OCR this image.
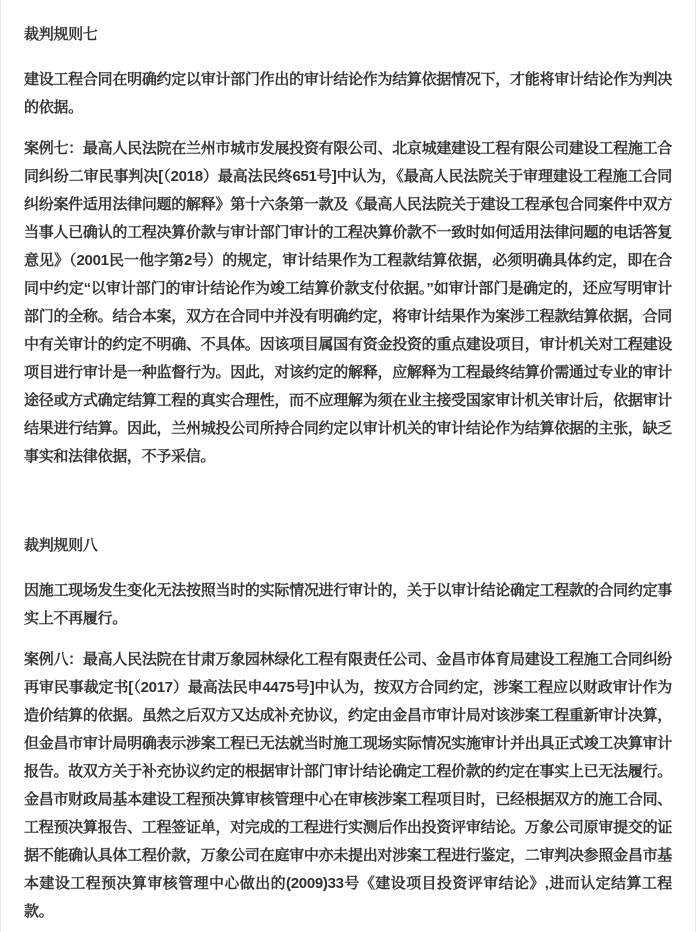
裁判规则七

建设工程合同在明确约定以审计部门作出的审计结论作为结算依据情况下，才能将审计结论作为判决的依据。

案例七：最高人民法院在兰州市城市发展投资有限公司、北京城建建设工程有限公司建设工程施工合同纠纷二审民事判决[（2018）最高法民终651号]中认为，《最高人民法院关于审理建设工程施工合同纠纷案件适用法律问题的解释》第十六条第一款及《最高人民法院关于建设工程承包合同案件中双方当事人已确认的工程决算价款与审计部门审计的工程决算价款不一致时如何适用法律问题的电话答复意见》（2001民一他字第2号）的规定，审计结果作为工程款结算依据，必须明确具体约定，即在合同中约定“以审计部门的审计结论作为竣工结算价款支付依据。”如审计部门是确定的，还应写明审计部门的全称。结合本案，双方在合同中并没有明确约定，将审计结果作为案涉工程款结算依据，合同中有关审计的约定不明确、不具体。因该项目属国有资金投资的重点建设项目，审计机关对工程建设项目进行审计是一种监督行为。因此，对该约定的解释，应解释为工程最终结算价需通过专业的审计途径或方式确定结算工程的真实合理性，而不应理解为须在业主接受国家审计机关审计后，依据审计结果进行结算。因此，兰州城投公司所持合同约定以审计机关的审计结论作为结算依据的主张，缺乏事实和法律依据，不予采信。

裁判规则八

因施工现场发生变化无法按照当时的实际情况进行审计的，关于以审计结论确定工程款的合同约定事实上不再履行。

案例八：最高人民法院在甘肃万象园林绿化工程有限责任公司、金昌市体育局建设工程施工合同纠纷再审民事裁定书[（2017）最高法民申4475号]中认为，按双方合同约定，涉案工程应以财政审计作为造价结算的依据。虽然之后双方又达成补充协议，约定由金昌市审计局对该涉案工程重新审计决算，但金昌市审计局明确表示涉案工程已无法就当时施工现场实际情况实施审计并出具正式竣工决算审计报告。故双方关于补充协议约定的根据审计部门审计结论确定工程价款的约定在事实上已无法履行。金昌市财政局基本建设工程预决算审核管理中心在审核涉案工程项目时，已经根据双方的施工合同、工程预决算报告、工程签证单，对完成的工程进行实测后作出投资评审结论。万象公司原审提交的证据不能确认具体工程价款，万象公司在庭审中亦未提出对涉案工程进行鉴定，二审判决参照金昌市基本建设工程预决算审核管理中心做出的(2009)33号《建设项目投资评审结论》,进而认定结算工程款。
